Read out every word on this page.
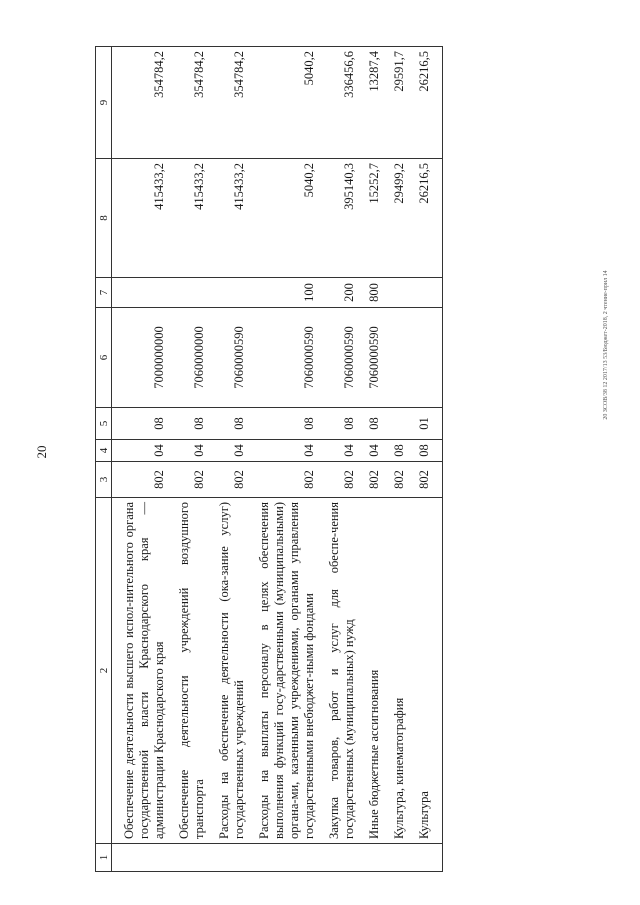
20
20 ЗСОВ/38 12 2017/13 53/Бюджет-2018, 2 чтение-прил 14
1	2	3	4	5	6	7	8	9

	Обеспечение деятельности высшего испол-нительного органа государственной власти Краснодарского края — администрации Краснодарского края	802	04	08	7000000000		415433,2	354784,2

	Обеспечение деятельности учреждений воздушного транспорта	802	04	08	7060000000		415433,2	354784,2

	Расходы на обеспечение деятельности (ока-зание услуг) государственных учреждений	802	04	08	7060000590		415433,2	354784,2

	Расходы на выплаты персоналу в целях обеспечения выполнения функций госу-дарственными (муниципальными) органа-ми, казенными учреждениями, органами управления государственными внебюджет-ными фондами	802	04	08	7060000590	100	5040,2	5040,2

	Закупка товаров, работ и услуг для обеспе-чения государственных (муниципальных) нужд	802	04	08	7060000590	200	395140,3	336456,6

	Иные бюджетные ассигнования	802	04	08	7060000590	800	15252,7	13287,4

	Культура, кинематография	802	08				29499,2	29591,7

	Культура	802	08	01			26216,5	26216,5
